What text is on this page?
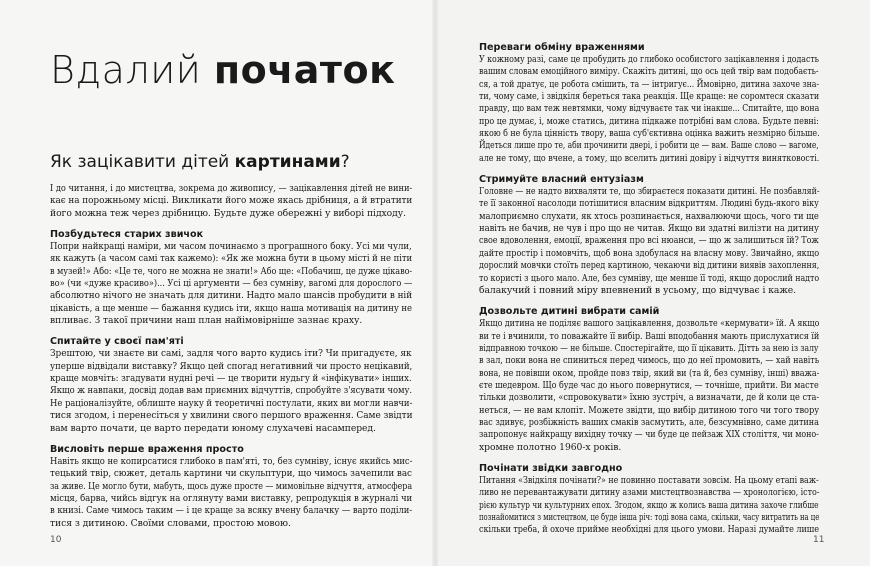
Вдалий початок
Як зацікавити дітей картинами?

І до читання, і до мистецтва, зокрема до живопису, — зацікавлення дітей не вини-

кає на порожньому місці. Викликати його може якась дрібниця, а й втратити

його можна теж через дрібницю. Будьте дуже обережні у виборі підходу.

Позбудьтеся старих звичок

Попри найкращі наміри, ми часом починаємо з програшного боку. Усі ми чули,

як кажуть (а часом самі так кажемо): «Як же можна бути в цьому місті й не піти

в музей!» Або: «Це те, чого не можна не знати!» Або ще: «Побачиш, це дуже цікаво-

во» (чи «дуже красиво»)... Усі ці аргументи — без сумніву, вагомі для дорослого —

абсолютно нічого не значать для дитини. Надто мало шансів пробудити в ній

цікавість, а ще менше — бажання кудись іти, якщо наша мотивація на дитину не

впливає. З такої причини наш план найімовірніше зазнає краху.

Спитайте у своєї пам'яті

Зрештою, чи знаєте ви самі, задля чого варто кудись іти? Чи пригадуєте, як

уперше відвідали виставку? Якщо цей спогад негативний чи просто нецікавий,

краще мовчіть: згадувати нудні речі — це творити нудьгу й «інфікувати» інших.

Якщо ж навпаки, досвід додав вам приємних відчуттів, спробуйте з'ясувати чому.

Не раціоналізуйте, облиште науку й теоретичні постулати, яких ви могли навчи-

тися згодом, і перенесіться у хвилини свого першого враження. Саме звідти

вам варто почати, це варто передати юному слухачеві насамперед.

Висловіть перше враження просто

Навіть якщо не копирсатися глибоко в пам'яті, то, без сумніву, існує якийсь мис-

тецький твір, сюжет, деталь картини чи скульптури, що чимось зачепили вас

за живе. Це могло бути, мабуть, щось дуже просте — мимовільне відчуття, атмосфера

місця, барва, чийсь відгук на оглянуту вами виставку, репродукція в журналі чи

в книзі. Саме чимось таким — і це краще за всяку вчену балачку — варто поділи-

тися з дитиною. Своїми словами, простою мовою.

Переваги обміну враженнями

У кожному разі, саме це пробудить до глибоко особистого зацікавлення і додасть

вашим словам емоційного виміру. Скажіть дитині, що ось цей твір вам подобаєть-

ся, а той дратує, це робота смішить, та — інтригує... Ймовірно, дитина захоче зна-

ти, чому саме, і звідкіля береться така реакція. Ще краще: не соромтеся сказати

правду, що вам теж невтямки, чому відчуваєте так чи інакше... Спитайте, що вона

про це думає, і, може статись, дитина підкаже потрібні вам слова. Будьте певні:

якою б не була цінність твору, ваша суб'єктивна оцінка важить незмірно більше.

Йдеться лише про те, аби прочинити двері, і робити це — вам. Ваше слово — вагоме,

але не тому, що вчене, а тому, що вселить дитині довіру і відчуття винятковості.

Стримуйте власний ентузіазм

Головне — не надто вихваляти те, що збираєтеся показати дитині. Не позбавляй-

те її законної насолоди потішитися власним відкриттям. Людині будь-якого віку

малоприємно слухати, як хтось розпинається, нахвалюючи щось, чого ти ще

навіть не бачив, не чув і про що не читав. Якщо ви здатні вилізти на дитину

свое вдоволення, емоції, враження про всі нюанси, — що ж залишиться їй? Тож

дайте простір і помовчіть, щоб вона здобулася на власну мову. Звичайно, якщо

дорослий мовчки стоїть перед картиною, чекаючи від дитини виявів захоплення,

то користі з цього мало. Але, без сумніву, ще менше її тоді, якщо дорослий надто

балакучий і повний міру впевнений в усьому, що відчуває і каже.

Дозвольте дитині вибрати самій

Якщо дитина не поділяє вашого зацікавлення, дозвольте «кермувати» їй. А якщо

ви те і вчинили, то поважайте її вибір. Ваші вподобання мають прислухатися їй

відправною точкою — не більше. Спостерігайте, що її цікавить. Дітть за нею із залу

в зал, поки вона не спиниться перед чимось, що до неї промовить, — хай навіть

вона, не повівши оком, пройде повз твір, який ви (та й, без сумніву, інші) вважа-

єте шедевром. Що буде час до нього повернутися, — точніше, прийти. Ви масте

тільки дозволити, «спровокувати» їхню зустріч, а визначати, де й коли це ста-

неться, — не вам клопіт. Можете звідти, що вибір дитиною того чи того твору

вас здивує, розбіжність ваших смаків засмутить, але, безсумнівно, саме дитина

запропонує найкращу вихідну точку — чи буде це пейзаж XIX століття, чи моно-

хромне полотно 1960-х років.

Почінати звідки завгодно

Питання «Звідкіля почінати?» не повинно поставати зовсім. На цьому етапі важ-

ливо не перевантажувати дитину азами мистецтвознавства — хронологією, істо-

рією культур чи культурних епох. Згодом, якщо ж колись ваша дитина захоче глибше

познайомитися з мистецтвом, це буде інша річ: тоді вона сама, скільки, часу витратить на це

скільки треба, й охоче прийме необхідні для цього умови. Наразі думайте лише

10	11
